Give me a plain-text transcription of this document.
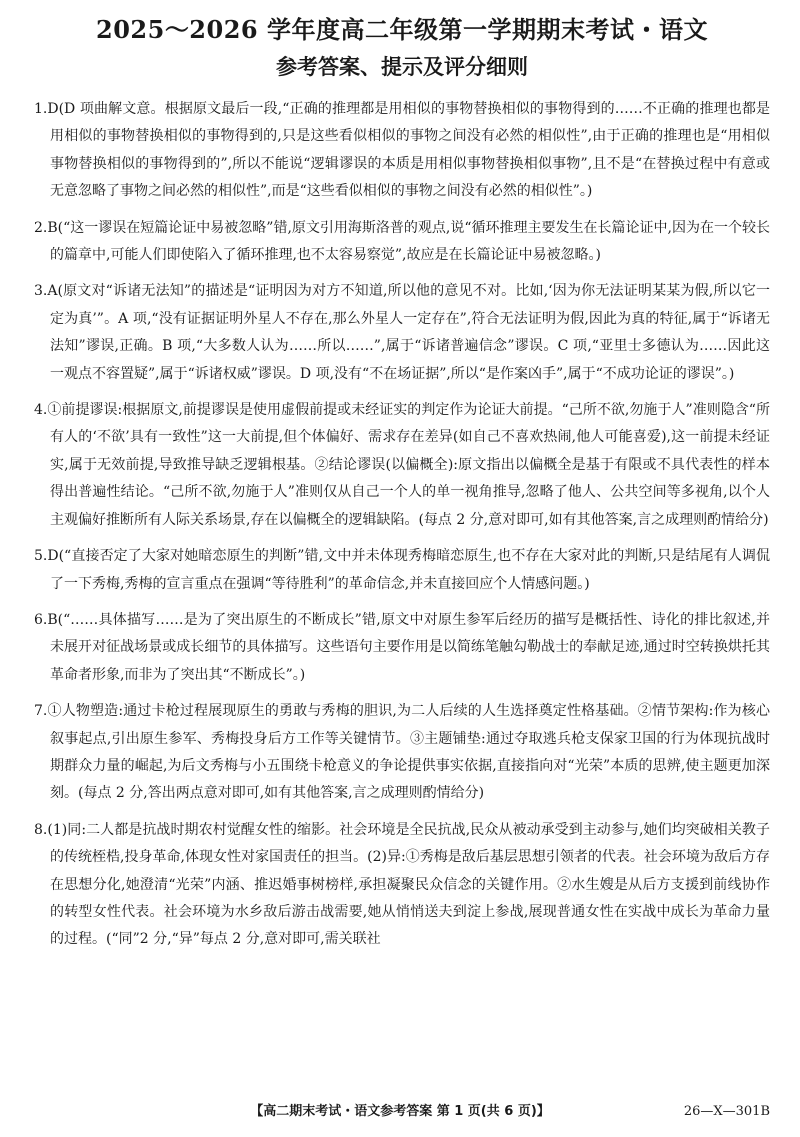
2025～2026 学年度高二年级第一学期期末考试・语文
参考答案、提示及评分细则

1.D(D 项曲解文意。根据原文最后一段,“正确的推理都是用相似的事物替换相似的事物得到的……不正确的推理也都是用相似的事物替换相似的事物得到的,只是这些看似相似的事物之间没有必然的相似性”,由于正确的推理也是“用相似事物替换相似的事物得到的”,所以不能说“逻辑谬误的本质是用相似事物替换相似事物”,且不是“在替换过程中有意或无意忽略了事物之间必然的相似性”,而是“这些看似相似的事物之间没有必然的相似性”。)

2.B(“这一谬误在短篇论证中易被忽略”错,原文引用海斯洛普的观点,说“循环推理主要发生在长篇论证中,因为在一个较长的篇章中,可能人们即使陷入了循环推理,也不太容易察觉”,故应是在长篇论证中易被忽略。)

3.A(原文对“诉诸无法知”的描述是“证明因为对方不知道,所以他的意见不对。比如,‘因为你无法证明某某为假,所以它一定为真’”。A 项,“没有证据证明外星人不存在,那么外星人一定存在”,符合无法证明为假,因此为真的特征,属于“诉诸无法知”谬误,正确。B 项,“大多数人认为……所以……”,属于“诉诸普遍信念”谬误。C 项,“亚里士多德认为……因此这一观点不容置疑”,属于“诉诸权威”谬误。D 项,没有“不在场证据”,所以“是作案凶手”,属于“不成功论证的谬误”。)

4.①前提谬误:根据原文,前提谬误是使用虚假前提或未经证实的判定作为论证大前提。“己所不欲,勿施于人”准则隐含“所有人的‘不欲’具有一致性”这一大前提,但个体偏好、需求存在差异(如自己不喜欢热闹,他人可能喜爱),这一前提未经证实,属于无效前提,导致推导缺乏逻辑根基。②结论谬误(以偏概全):原文指出以偏概全是基于有限或不具代表性的样本得出普遍性结论。“己所不欲,勿施于人”准则仅从自己一个人的单一视角推导,忽略了他人、公共空间等多视角,以个人主观偏好推断所有人际关系场景,存在以偏概全的逻辑缺陷。(每点 2 分,意对即可,如有其他答案,言之成理则酌情给分)

5.D(“直接否定了大家对她暗恋原生的判断”错,文中并未体现秀梅暗恋原生,也不存在大家对此的判断,只是结尾有人调侃了一下秀梅,秀梅的宣言重点在强调“等待胜利”的革命信念,并未直接回应个人情感问题。)

6.B(“……具体描写……是为了突出原生的不断成长”错,原文中对原生参军后经历的描写是概括性、诗化的排比叙述,并未展开对征战场景或成长细节的具体描写。这些语句主要作用是以简练笔触勾勒战士的奉献足迹,通过时空转换烘托其革命者形象,而非为了突出其“不断成长”。)

7.①人物塑造:通过卡枪过程展现原生的勇敢与秀梅的胆识,为二人后续的人生选择奠定性格基础。②情节架构:作为核心叙事起点,引出原生参军、秀梅投身后方工作等关键情节。③主题铺垫:通过夺取逃兵枪支保家卫国的行为体现抗战时期群众力量的崛起,为后文秀梅与小五围绕卡枪意义的争论提供事实依据,直接指向对“光荣”本质的思辨,使主题更加深刻。(每点 2 分,答出两点意对即可,如有其他答案,言之成理则酌情给分)

8.(1)同:二人都是抗战时期农村觉醒女性的缩影。社会环境是全民抗战,民众从被动承受到主动参与,她们均突破相关教子的传统桎梏,投身革命,体现女性对家国责任的担当。(2)异:①秀梅是敌后基层思想引领者的代表。社会环境为敌后方存在思想分化,她澄清“光荣”内涵、推迟婚事树榜样,承担凝聚民众信念的关键作用。②水生嫂是从后方支援到前线协作的转型女性代表。社会环境为水乡敌后游击战需要,她从悄悄送夫到淀上参战,展现普通女性在实战中成长为革命力量的过程。(“同”2 分,“异”每点 2 分,意对即可,需关联社

【高二期末考试・语文参考答案 第 1 页(共 6 页)】	26—X—301B
